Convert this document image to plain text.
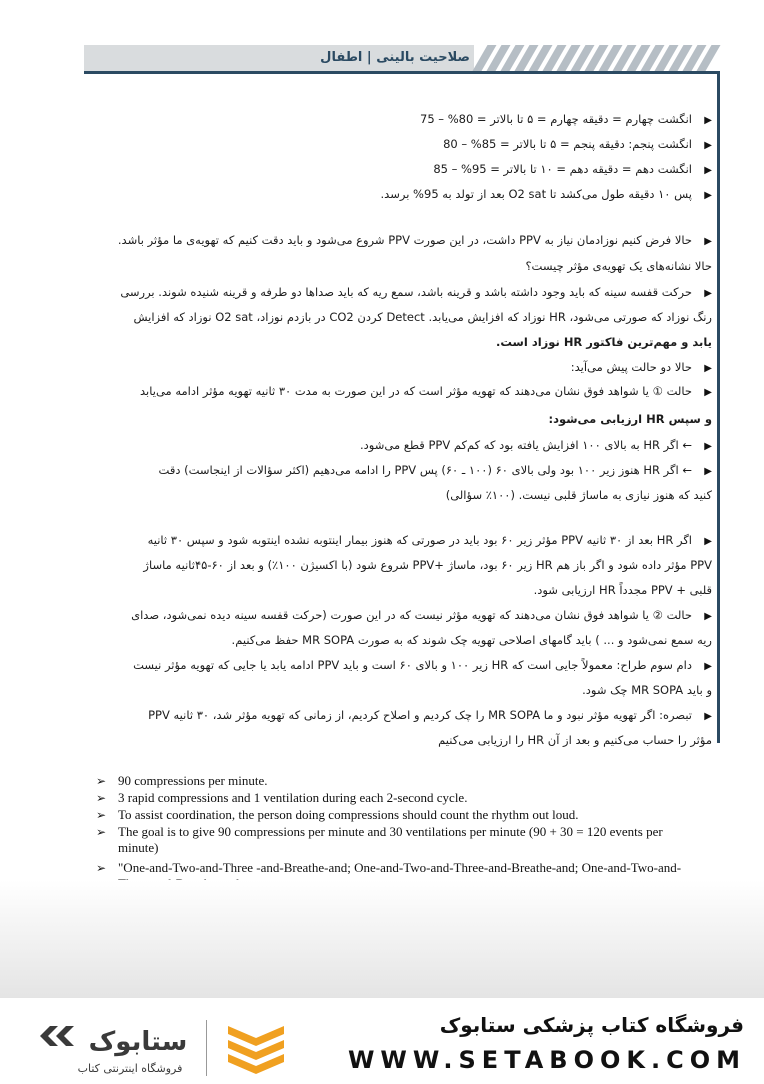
صلاحیت بالینی | اطفال
▶انگشت چهارم = دقیقه چهارم = ۵ تا بالاتر = 80% – 75
▶انگشت پنجم: دقیقه پنجم = ۵ تا بالاتر = 85% – 80
▶انگشت دهم = دقیقه دهم = ۱۰ تا بالاتر = 95% – 85
▶پس ۱۰ دقیقه طول می‌کشد تا O2 sat بعد از تولد به 95% برسد.
▶حالا فرض کنیم نوزادمان نیاز به PPV داشت، در این صورت PPV شروع می‌شود و باید دقت کنیم که تهویه‌ی ما مؤثر باشد.
حالا نشانه‌های یک تهویه‌ی مؤثر چیست؟
▶حرکت قفسه سینه که باید وجود داشته باشد و قرینه باشد، سمع ریه که باید صداها دو طرفه و قرینه شنیده شوند. بررسی
رنگ نوزاد که صورتی می‌شود، HR نوزاد که افزایش می‌یابد. Detect کردن CO2 در بازدم نوزاد، O2 sat نوزاد که افزایش
یابد و مهم‌ترین فاکتور HR نوزاد است.
▶حالا دو حالت پیش می‌آید:
▶حالت ① یا شواهد فوق نشان می‌دهند که تهویه مؤثر است که در این صورت به مدت ۳۰ ثانیه تهویه مؤثر ادامه می‌یابد
و سپس HR ارزیابی می‌شود:
▶← اگر HR به بالای ۱۰۰ افزایش یافته بود که کم‌کم PPV قطع می‌شود.
▶← اگر HR هنوز زیر ۱۰۰ بود ولی بالای ۶۰ (۱۰۰ ـ ۶۰) پس PPV را ادامه می‌دهیم (اکثر سؤالات از اینجاست) دقت
کنید که هنوز نیازی به ماساژ قلبی نیست. (۱۰۰٪ سؤالی)
▶اگر HR بعد از ۳۰ ثانیه PPV مؤثر زیر ۶۰ بود باید در صورتی که هنوز بیمار اینتوبه نشده اینتوبه شود و سپس ۳۰ ثانیه
PPV مؤثر داده شود و اگر باز هم HR زیر ۶۰ بود، ماساژ +PPV شروع شود (با اکسیژن ۱۰۰٪) و بعد از ۶۰-۴۵ثانیه ماساژ
قلبی + PPV مجدداً HR ارزیابی شود.
▶حالت ② یا شواهد فوق نشان می‌دهند که تهویه مؤثر نیست که در این صورت (حرکت قفسه سینه دیده نمی‌شود، صدای
ریه سمع نمی‌شود و ... ) باید گامهای اصلاحی تهویه چک شوند که به صورت MR SOPA حفظ می‌کنیم.
▶دام سوم طراح: معمولاً جایی است که HR زیر ۱۰۰ و بالای ۶۰ است و باید PPV ادامه یابد یا جایی که تهویه مؤثر نیست
و باید MR SOPA چک شود.
▶تبصره: اگر تهویه مؤثر نبود و ما MR SOPA را چک کردیم و اصلاح کردیم، از زمانی که تهویه مؤثر شد، ۳۰ ثانیه PPV
مؤثر را حساب می‌کنیم و بعد از آن HR را ارزیابی می‌کنیم
➢ 90 compressions per minute.
➢ 3 rapid compressions and 1 ventilation during each 2-second cycle.
➢ To assist coordination, the person doing compressions should count the rhythm out loud.
➢ The goal is to give 90 compressions per minute and 30 ventilations per minute (90 + 30 = 120 events per minute)
➢ "One-and-Two-and-Three -and-Breathe-and; One-and-Two-and-Three-and-Breathe-and; One-and-Two-and-
ستابوک
فروشگاه اینترنتی کتاب
فروشگاه کتاب پزشکی ستابوک
WWW.SETABOOK.COM
